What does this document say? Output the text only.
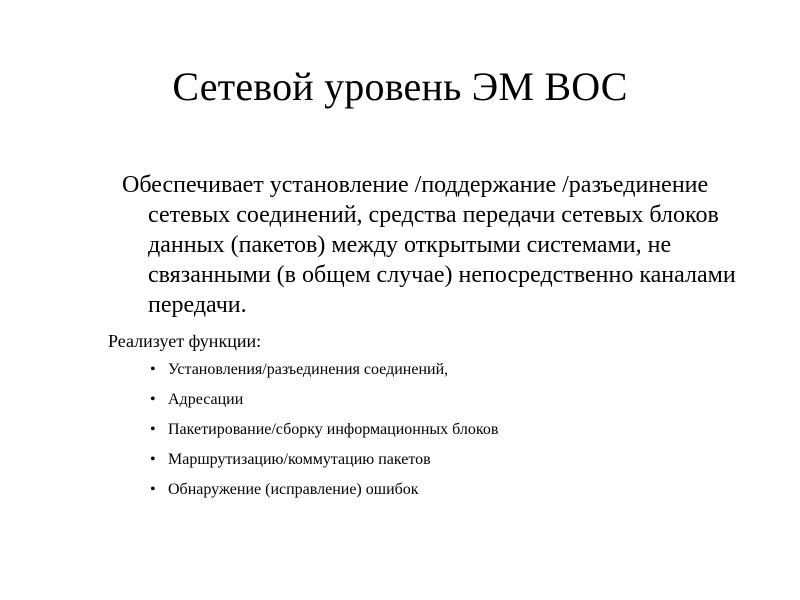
Сетевой уровень ЭМ ВОС

Обеспечивает установление /поддержание /разъединение сетевых соединений, средства передачи сетевых блоков данных (пакетов) между открытыми системами, не связанными (в общем случае) непосредственно каналами передачи.

Реализует функции:

• Установления/разъединения соединений,
• Адресации
• Пакетирование/сборку информационных блоков
• Маршрутизацию/коммутацию пакетов
• Обнаружение (исправление) ошибок
